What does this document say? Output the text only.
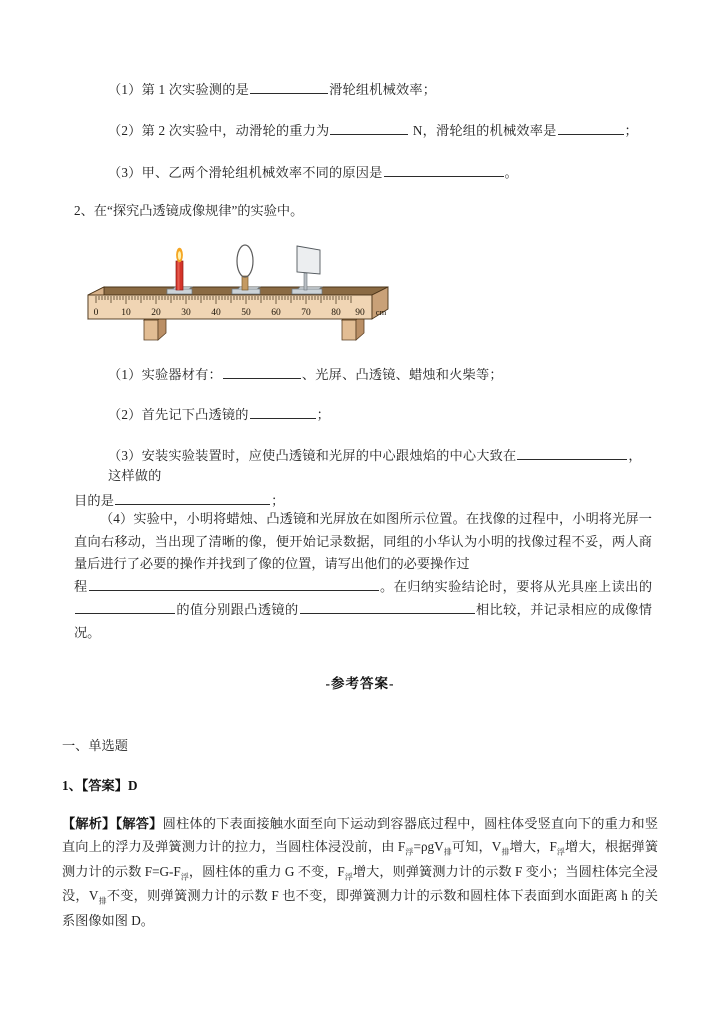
（1）第 1 次实验测的是	滑轮组机械效率；
（2）第 2 次实验中，动滑轮的重力为	N，滑轮组的机械效率是	；
（3）甲、乙两个滑轮组机械效率不同的原因是	。
2、在“探究凸透镜成像规律”的实验中。
0 10 20 30 40 50 60 70 80 90 cm
（1）实验器材有：	、光屏、凸透镜、蜡烛和火柴等；
（2）首先记下凸透镜的	；
（3）安装实验装置时，应使凸透镜和光屏的中心跟烛焰的中心大致在	，这样做的
目的是	；
（4）实验中，小明将蜡烛、凸透镜和光屏放在如图所示位置。在找像的过程中，小明将光屏一直向右移动，当出现了清晰的像，便开始记录数据，同组的小华认为小明的找像过程不妥，两人商量后进行了必要的操作并找到了像的位置，请写出他们的必要操作过
程	。在归纳实验结论时，要将从光具座上读出的的值分别跟凸透镜的	相比较，并记录相应的成像情况。
-参考答案-
一、单选题
1、【答案】D
【解析】【解答】圆柱体的下表面接触水面至向下运动到容器底过程中，圆柱体受竖直向下的重力和竖直向上的浮力及弹簧测力计的拉力，当圆柱体浸没前，由 $F_浮=\rho gV_排$可知，$V_排$增大，$F_浮$增大，根据弹簧测力计的示数 $F=G-F_浮$，圆柱体的重力 G 不变，$F_浮$增大，则弹簧测力计的示数 F 变小；当圆柱体完全浸没，$V_排$不变，则弹簧测力计的示数 F 也不变，即弹簧测力计的示数和圆柱体下表面到水面距离 h 的关系图像如图 D。
